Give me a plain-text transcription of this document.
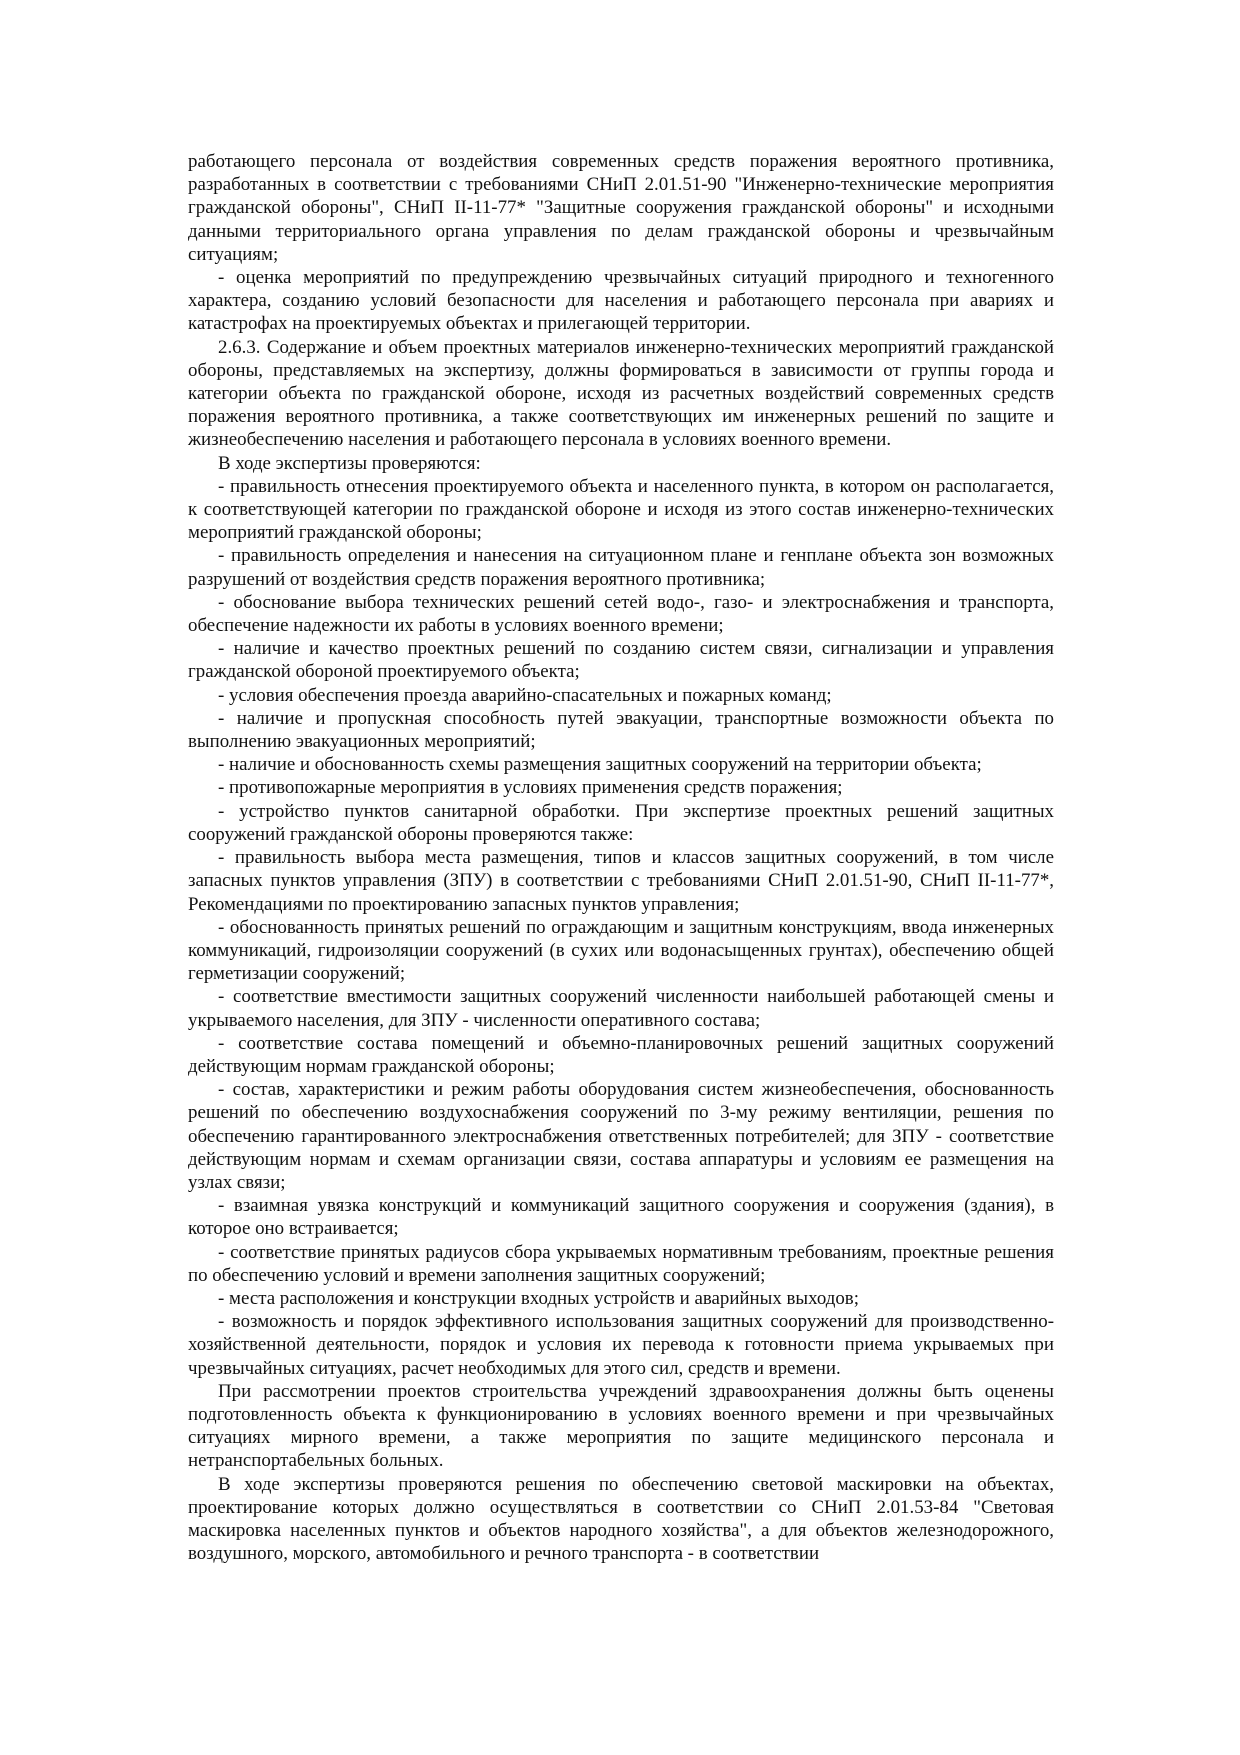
работающего персонала от воздействия современных средств поражения вероятного противника, разработанных в соответствии с требованиями СНиП 2.01.51-90 "Инженерно-технические мероприятия гражданской обороны", СНиП II-11-77* "Защитные сооружения гражданской обороны" и исходными данными территориального органа управления по делам гражданской обороны и чрезвычайным ситуациям;

- оценка мероприятий по предупреждению чрезвычайных ситуаций природного и техногенного характера, созданию условий безопасности для населения и работающего персонала при авариях и катастрофах на проектируемых объектах и прилегающей территории.

2.6.3. Содержание и объем проектных материалов инженерно-технических мероприятий гражданской обороны, представляемых на экспертизу, должны формироваться в зависимости от группы города и категории объекта по гражданской обороне, исходя из расчетных воздействий современных средств поражения вероятного противника, а также соответствующих им инженерных решений по защите и жизнеобеспечению населения и работающего персонала в условиях военного времени.

В ходе экспертизы проверяются:

- правильность отнесения проектируемого объекта и населенного пункта, в котором он располагается, к соответствующей категории по гражданской обороне и исходя из этого состав инженерно-технических мероприятий гражданской обороны;

- правильность определения и нанесения на ситуационном плане и генплане объекта зон возможных разрушений от воздействия средств поражения вероятного противника;

- обоснование выбора технических решений сетей водо-, газо- и электроснабжения и транспорта, обеспечение надежности их работы в условиях военного времени;

- наличие и качество проектных решений по созданию систем связи, сигнализации и управления гражданской обороной проектируемого объекта;

- условия обеспечения проезда аварийно-спасательных и пожарных команд;

- наличие и пропускная способность путей эвакуации, транспортные возможности объекта по выполнению эвакуационных мероприятий;

- наличие и обоснованность схемы размещения защитных сооружений на территории объекта;

- противопожарные мероприятия в условиях применения средств поражения;

- устройство пунктов санитарной обработки. При экспертизе проектных решений защитных сооружений гражданской обороны проверяются также:

- правильность выбора места размещения, типов и классов защитных сооружений, в том числе запасных пунктов управления (ЗПУ) в соответствии с требованиями СНиП 2.01.51-90, СНиП II-11-77*, Рекомендациями по проектированию запасных пунктов управления;

- обоснованность принятых решений по ограждающим и защитным конструкциям, ввода инженерных коммуникаций, гидроизоляции сооружений (в сухих или водонасыщенных грунтах), обеспечению общей герметизации сооружений;

- соответствие вместимости защитных сооружений численности наибольшей работающей смены и укрываемого населения, для ЗПУ - численности оперативного состава;

- соответствие состава помещений и объемно-планировочных решений защитных сооружений действующим нормам гражданской обороны;

- состав, характеристики и режим работы оборудования систем жизнеобеспечения, обоснованность решений по обеспечению воздухоснабжения сооружений по 3-му режиму вентиляции, решения по обеспечению гарантированного электроснабжения ответственных потребителей; для ЗПУ - соответствие действующим нормам и схемам организации связи, состава аппаратуры и условиям ее размещения на узлах связи;

- взаимная увязка конструкций и коммуникаций защитного сооружения и сооружения (здания), в которое оно встраивается;

- соответствие принятых радиусов сбора укрываемых нормативным требованиям, проектные решения по обеспечению условий и времени заполнения защитных сооружений;

- места расположения и конструкции входных устройств и аварийных выходов;

- возможность и порядок эффективного использования защитных сооружений для производственно-хозяйственной деятельности, порядок и условия их перевода к готовности приема укрываемых при чрезвычайных ситуациях, расчет необходимых для этого сил, средств и времени.

При рассмотрении проектов строительства учреждений здравоохранения должны быть оценены подготовленность объекта к функционированию в условиях военного времени и при чрезвычайных ситуациях мирного времени, а также мероприятия по защите медицинского персонала и нетранспортабельных больных.

В ходе экспертизы проверяются решения по обеспечению световой маскировки на объектах, проектирование которых должно осуществляться в соответствии со СНиП 2.01.53-84 "Световая маскировка населенных пунктов и объектов народного хозяйства", а для объектов железнодорожного, воздушного, морского, автомобильного и речного транспорта - в соответствии
